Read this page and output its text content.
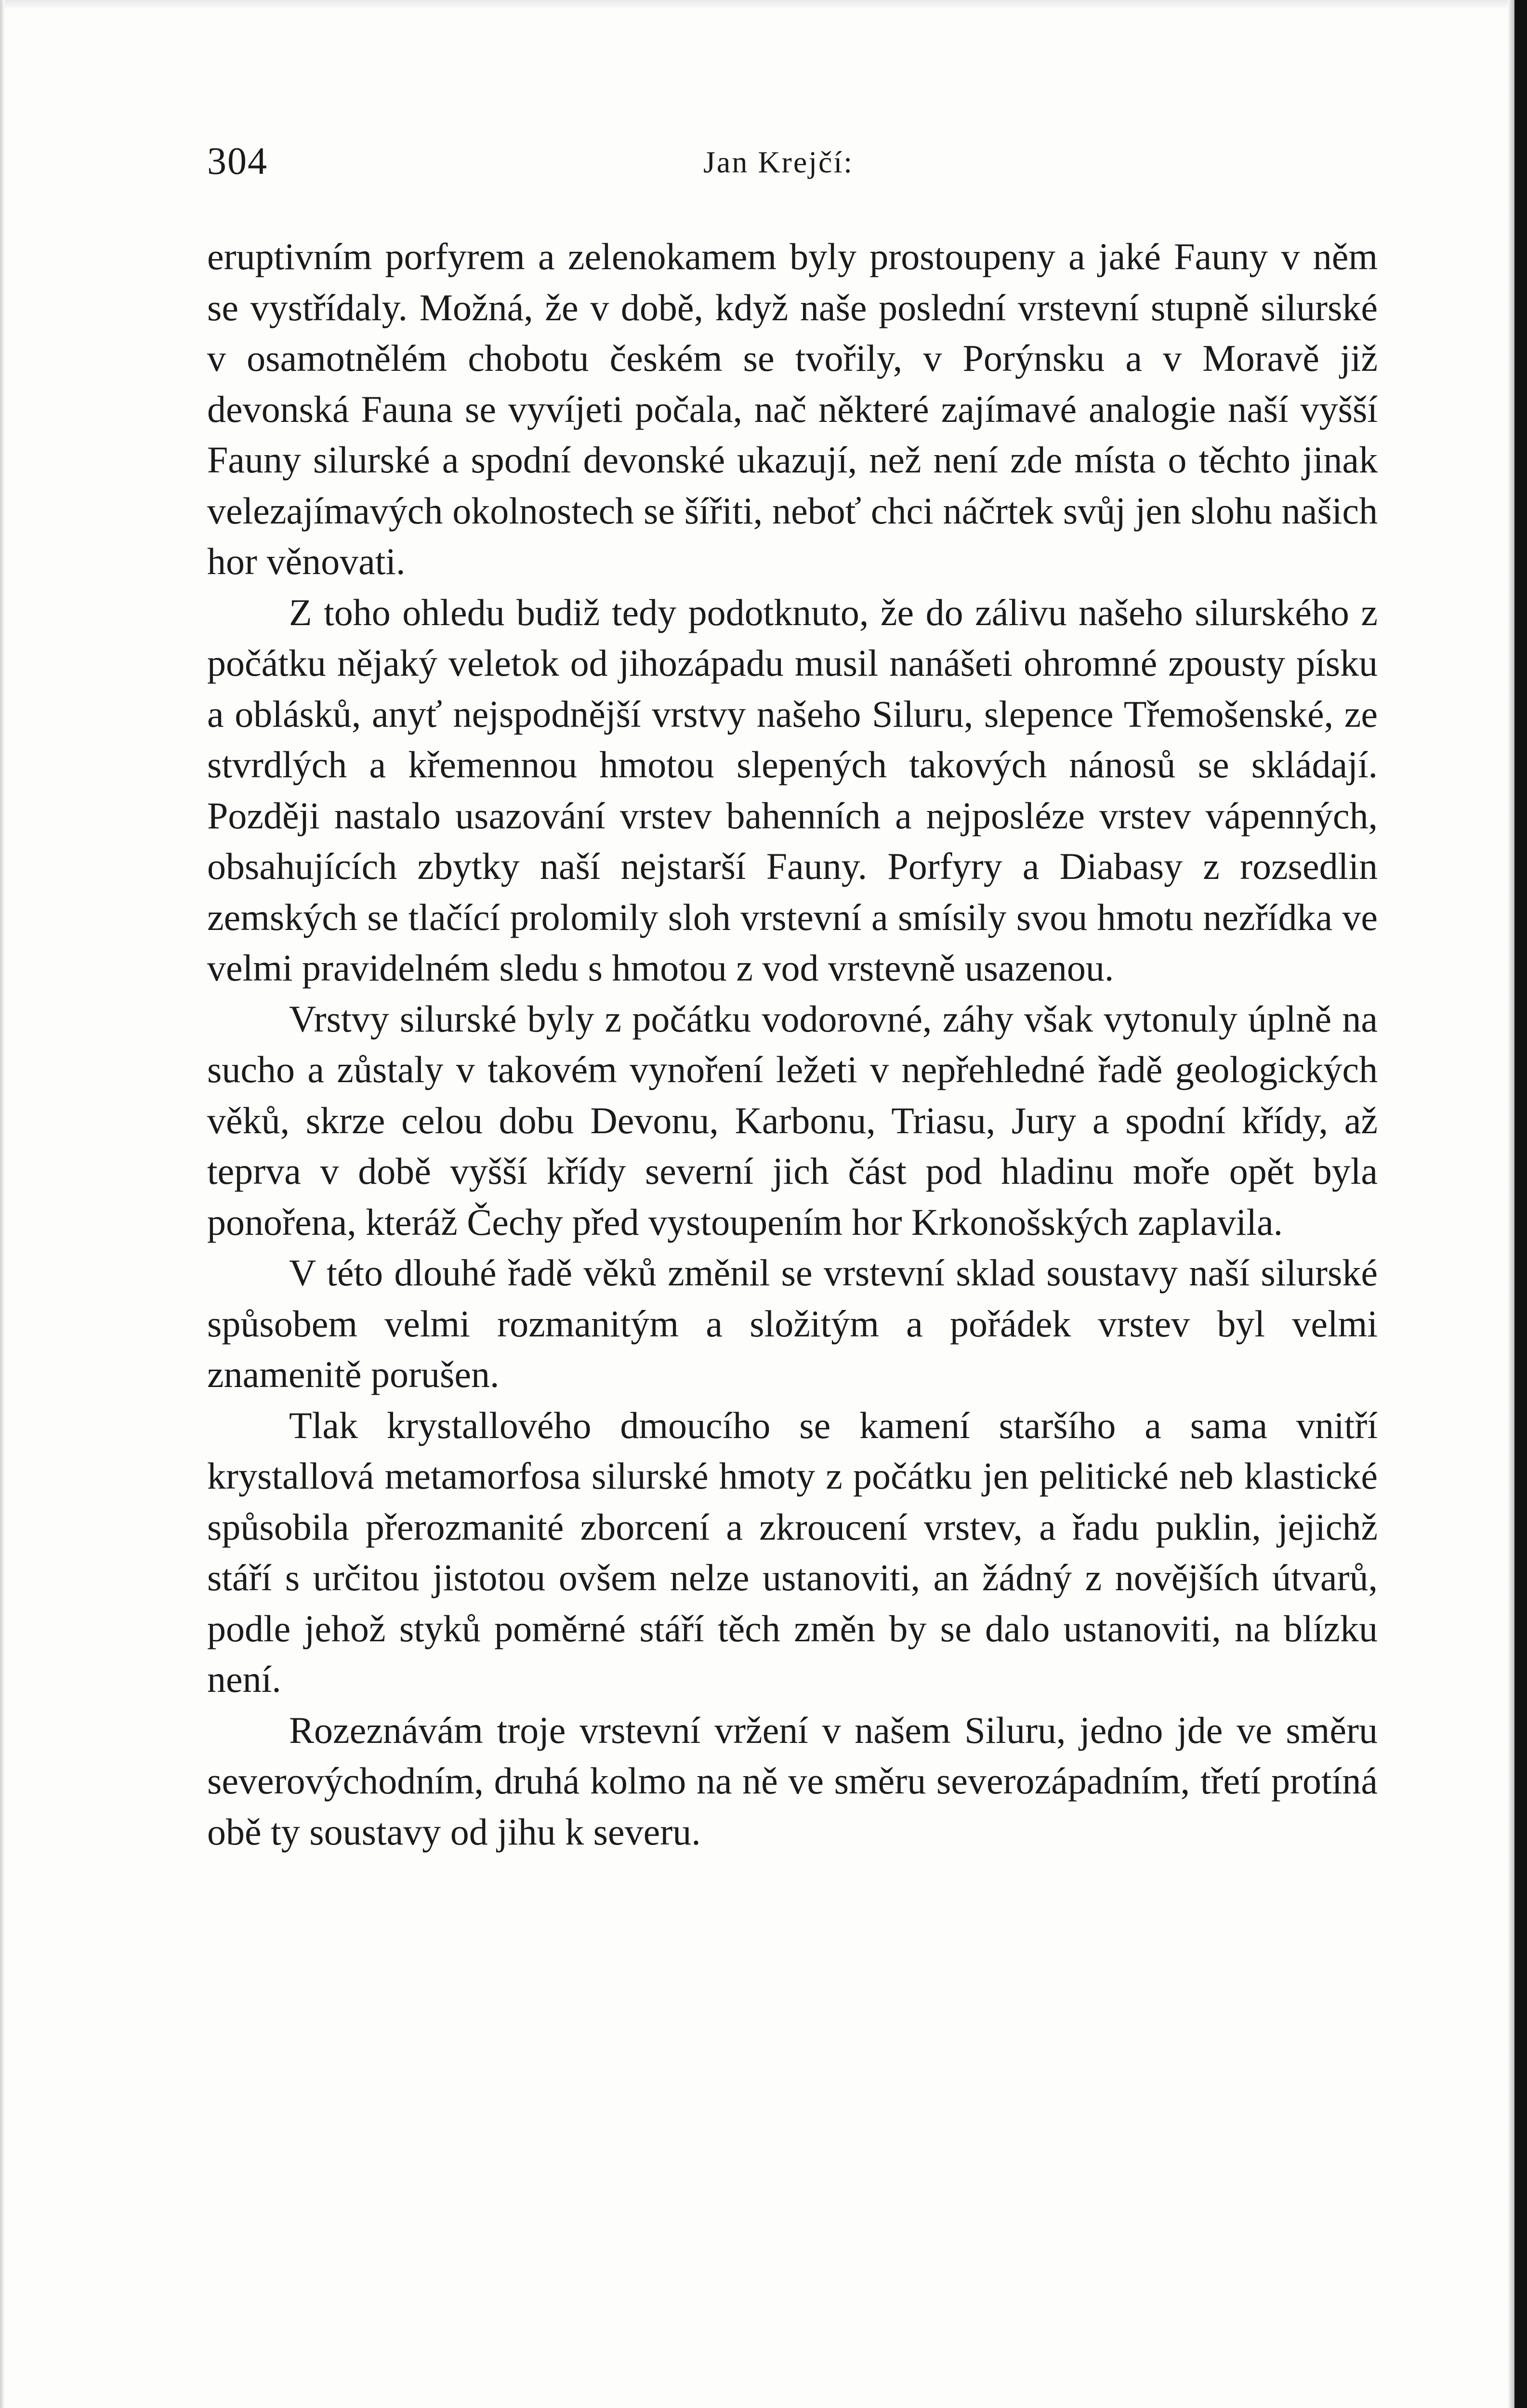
304	Jan Krejčí:

eruptivním porfyrem a zelenokamem byly prostoupeny a jaké Fauny v něm se vystřídaly. Možná, že v době, když naše poslední vrstevní stupně silurské v osamotnělém chobotu českém se tvořily, v Porýnsku a v Moravě již devonská Fauna se vyvíjeti počala, nač některé zajímavé analogie naší vyšší Fauny silurské a spodní devonské ukazují, než není zde místa o těchto jinak velezajímavých okolnostech se šířiti, neboť chci náčrtek svůj jen slohu našich hor věnovati.

Z toho ohledu budiž tedy podotknuto, že do zálivu našeho silurského z počátku nějaký veletok od jihozápadu musil nanášeti ohromné zpousty písku a oblásků, anyť nejspodnější vrstvy našeho Siluru, slepence Třemošenské, ze stvrdlých a křemennou hmotou slepených takových nánosů se skládají. Později nastalo usazování vrstev bahenních a nejposléze vrstev vápenných, obsahujících zbytky naší nejstarší Fauny. Porfyry a Diabasy z rozsedlin zemských se tlačící prolomily sloh vrstevní a smísily svou hmotu nezřídka ve velmi pravidelném sledu s hmotou z vod vrstevně usazenou.

Vrstvy silurské byly z počátku vodorovné, záhy však vytonuly úplně na sucho a zůstaly v takovém vynoření ležeti v nepřehledné řadě geologických věků, skrze celou dobu Devonu, Karbonu, Triasu, Jury a spodní křídy, až teprva v době vyšší křídy severní jich část pod hladinu moře opět byla ponořena, kteráž Čechy před vystoupením hor Krkonošských zaplavila.

V této dlouhé řadě věků změnil se vrstevní sklad soustavy naší silurské spůsobem velmi rozmanitým a složitým a pořádek vrstev byl velmi znamenitě porušen.

Tlak krystallového dmoucího se kamení staršího a sama vnitří krystallová metamorfosa silurské hmoty z počátku jen pelitické neb klastické spůsobila přerozmanité zborcení a zkroucení vrstev, a řadu puklin, jejichž stáří s určitou jistotou ovšem nelze ustanoviti, an žádný z novějších útvarů, podle jehož styků poměrné stáří těch změn by se dalo ustanoviti, na blízku není.

Rozeznávám troje vrstevní vržení v našem Siluru, jedno jde ve směru severovýchodním, druhá kolmo na ně ve směru severozápadním, třetí protíná obě ty soustavy od jihu k severu.
